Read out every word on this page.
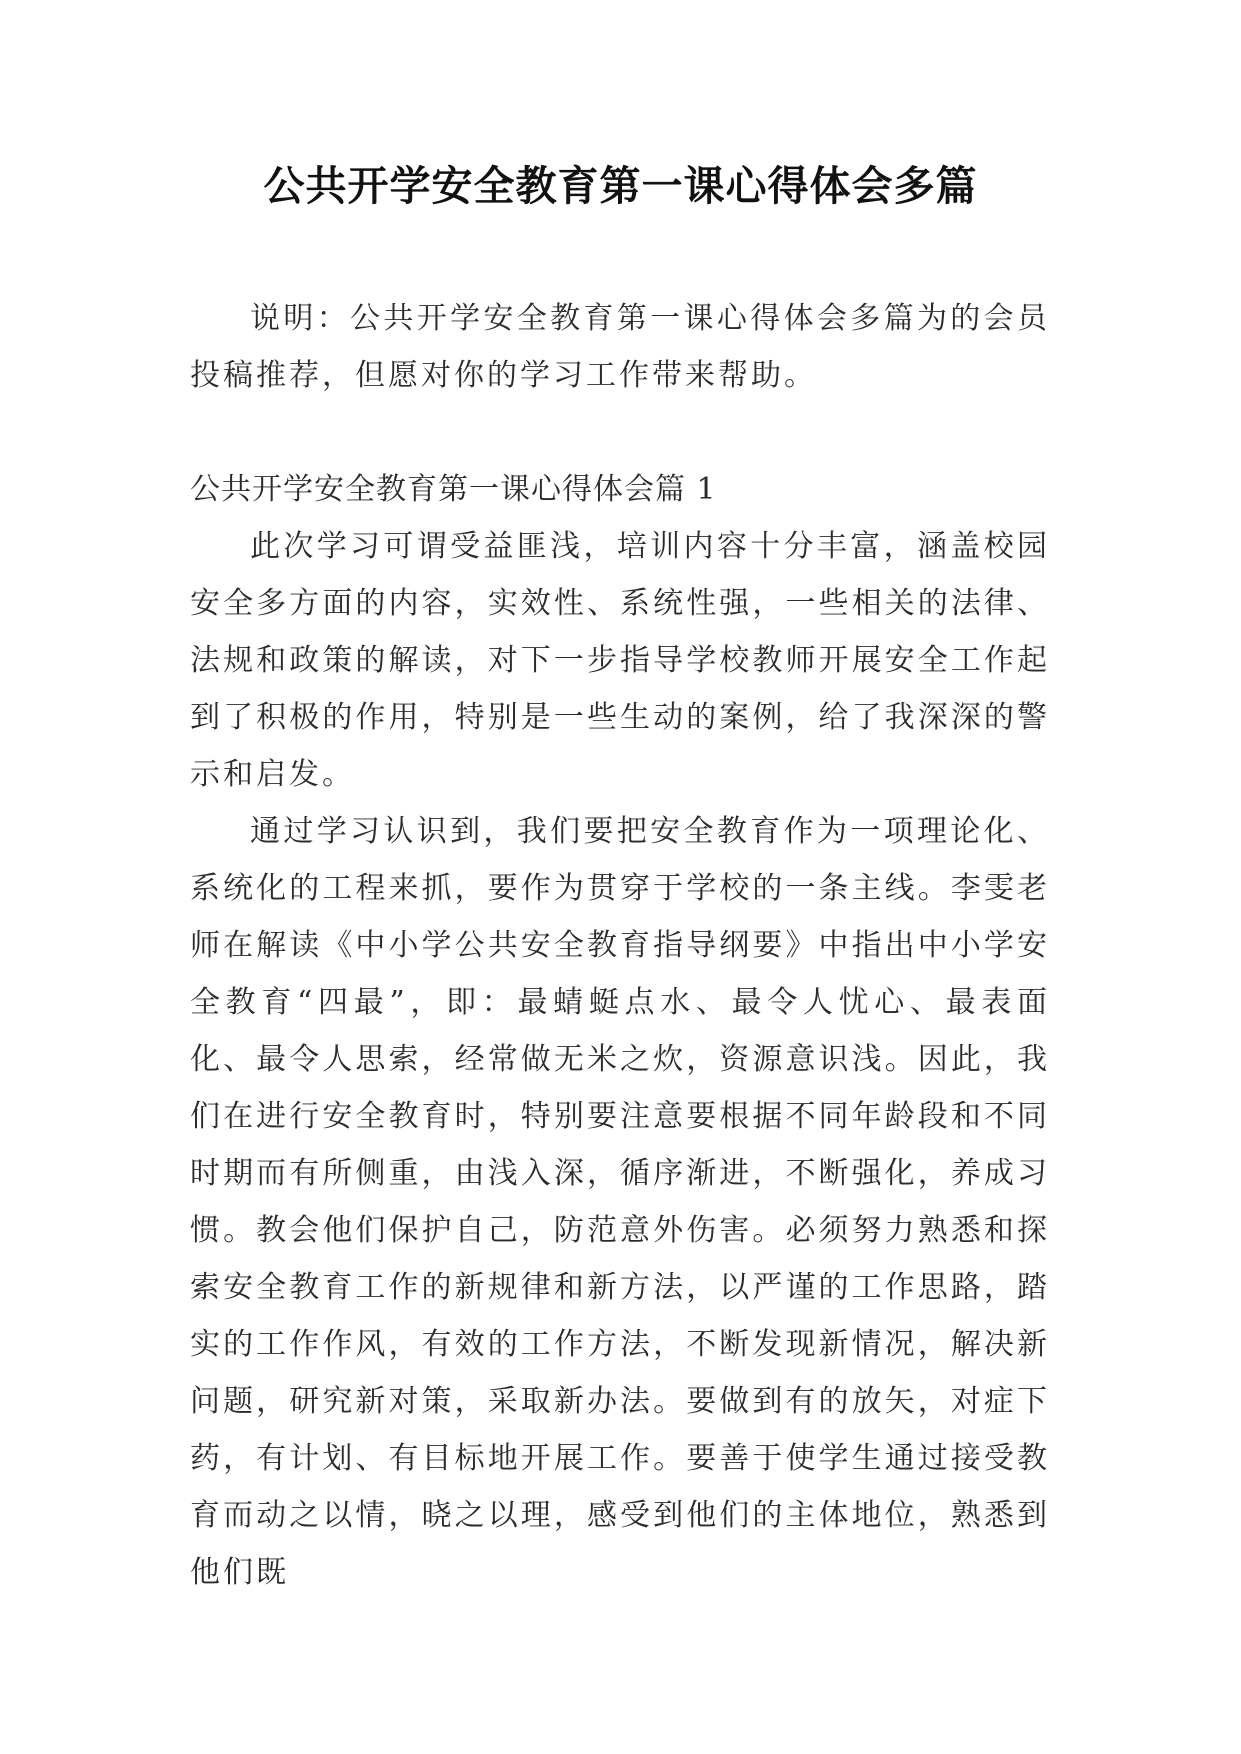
公共开学安全教育第一课心得体会多篇

说明：公共开学安全教育第一课心得体会多篇为的会员投稿推荐，但愿对你的学习工作带来帮助。

公共开学安全教育第一课心得体会篇 1

此次学习可谓受益匪浅，培训内容十分丰富，涵盖校园安全多方面的内容，实效性、系统性强，一些相关的法律、法规和政策的解读，对下一步指导学校教师开展安全工作起到了积极的作用，特别是一些生动的案例，给了我深深的警示和启发。

通过学习认识到，我们要把安全教育作为一项理论化、系统化的工程来抓，要作为贯穿于学校的一条主线。李雯老师在解读《中小学公共安全教育指导纲要》中指出中小学安全教育“四最”，即：最蜻蜓点水、最令人忧心、最表面化、最令人思索，经常做无米之炊，资源意识浅。因此，我们在进行安全教育时，特别要注意要根据不同年龄段和不同时期而有所侧重，由浅入深，循序渐进，不断强化，养成习惯。教会他们保护自己，防范意外伤害。必须努力熟悉和探索安全教育工作的新规律和新方法，以严谨的工作思路，踏实的工作作风，有效的工作方法，不断发现新情况，解决新问题，研究新对策，采取新办法。要做到有的放矢，对症下药，有计划、有目标地开展工作。要善于使学生通过接受教育而动之以情，晓之以理，感受到他们的主体地位，熟悉到他们既
